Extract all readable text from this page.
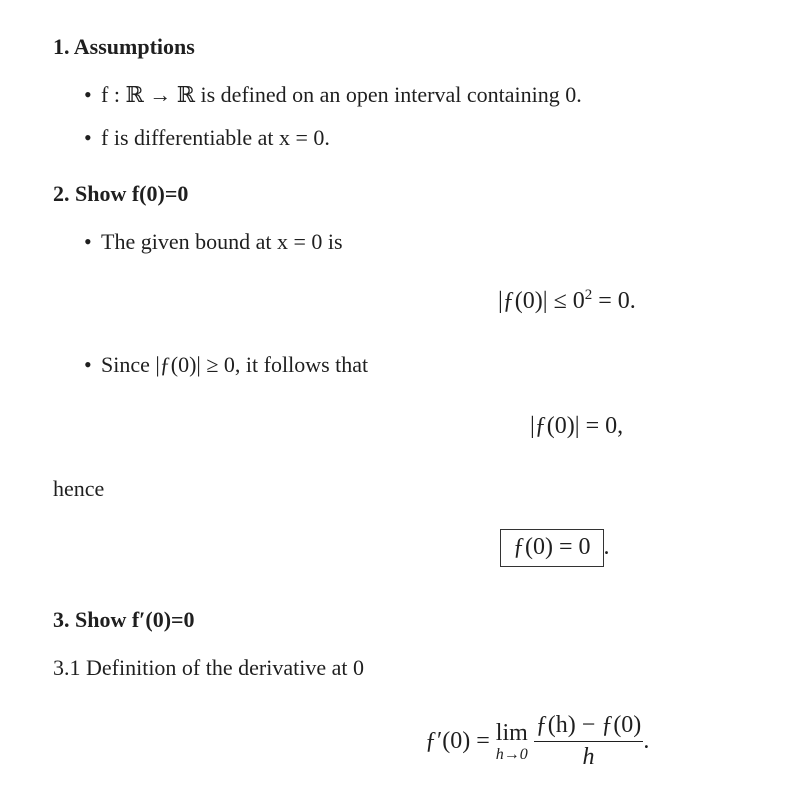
1. Assumptions
• f : ℝ → ℝ is defined on an open interval containing 0.
• f is differentiable at x = 0.
2. Show f(0)=0
• The given bound at x = 0 is
|ƒ(0)| ≤ $0^2 = 0$.
• Since |ƒ(0)| ≥ 0, it follows that
|ƒ(0)| = 0,
hence
ƒ(0) = 0 .
3. Show f′(0)=0
3.1 Definition of the derivative at 0
ƒ′(0) = lim
h→0
$\frac{ƒ(h) - ƒ(0)}{h}$ .
